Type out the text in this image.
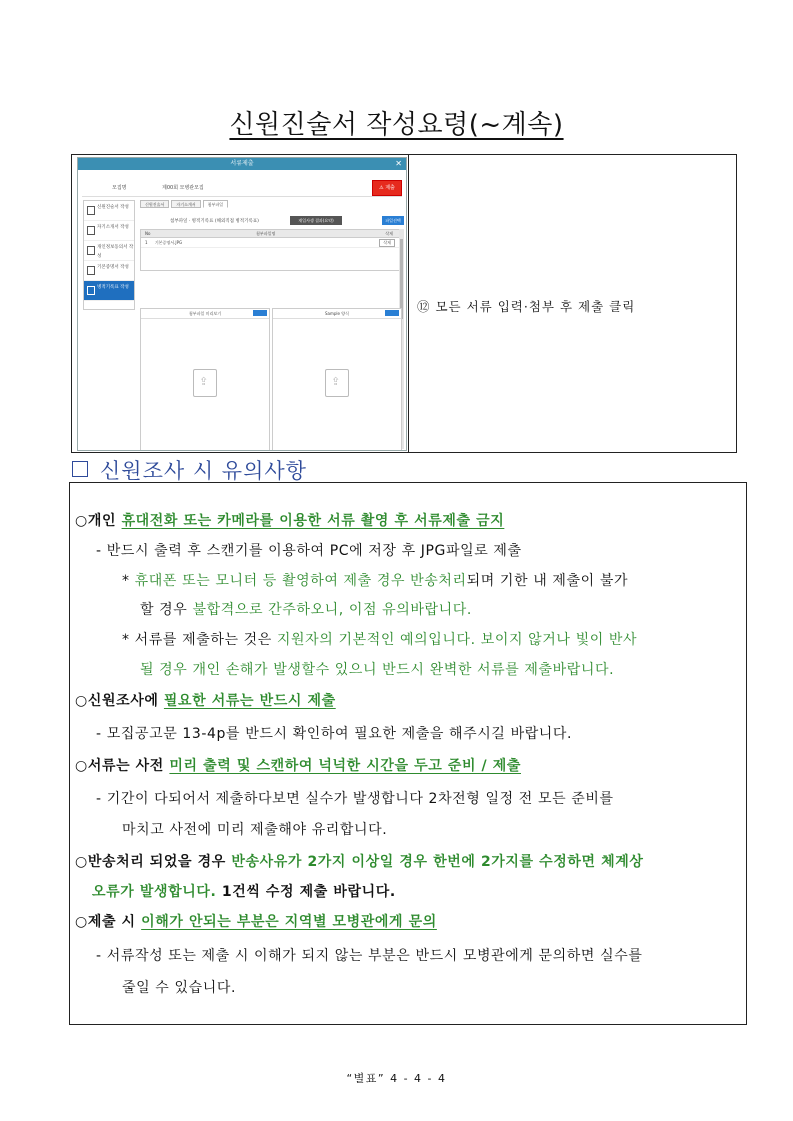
신원진술서 작성요령(~계속)
서류제출	✕
모집명	제00회 모병관모집	⚠ 제출
신원진술서 작성
자기소개서 작성
개인정보동의서 작성
기본증명서 작성
병적기록표 작성
신원진술서	자기소개서	첨부파일
첨부파일 · 병적기록표 (해외직접 병적기록표)	재입사생 결과(요약)	파일선택
No	첨부파일명	삭제
1 기본증명서.JPG	삭제
첨부파일 미리보기
⇪	Sample 양식
⇪	⑫ 모든 서류 입력·첨부 후 제출 클릭
신원조사 시 유의사항
○개인 휴대전화 또는 카메라를 이용한 서류 촬영 후 서류제출 금지
- 반드시 출력 후 스캔기를 이용하여 PC에 저장 후 JPG파일로 제출
* 휴대폰 또는 모니터 등 촬영하여 제출 경우 반송처리되며 기한 내 제출이 불가
할 경우 불합격으로 간주하오니, 이점 유의바랍니다.
* 서류를 제출하는 것은 지원자의 기본적인 예의입니다. 보이지 않거나 빛이 반사
될 경우 개인 손해가 발생할수 있으니 반드시 완벽한 서류를 제출바랍니다.
○신원조사에 필요한 서류는 반드시 제출
- 모집공고문 13-4p를 반드시 확인하여 필요한 제출을 해주시길 바랍니다.
○서류는 사전 미리 출력 및 스캔하여 넉넉한 시간을 두고 준비 / 제출
- 기간이 다되어서 제출하다보면 실수가 발생합니다 2차전형 일정 전 모든 준비를
마치고 사전에 미리 제출해야 유리합니다.
○반송처리 되었을 경우 반송사유가 2가지 이상일 경우 한번에 2가지를 수정하면 체계상
오류가 발생합니다. 1건씩 수정 제출 바랍니다.
○제출 시 이해가 안되는 부분은 지역별 모병관에게 문의
- 서류작성 또는 제출 시 이해가 되지 않는 부분은 반드시 모병관에게 문의하면 실수를
줄일 수 있습니다.
“별표” 4 - 4 - 4
